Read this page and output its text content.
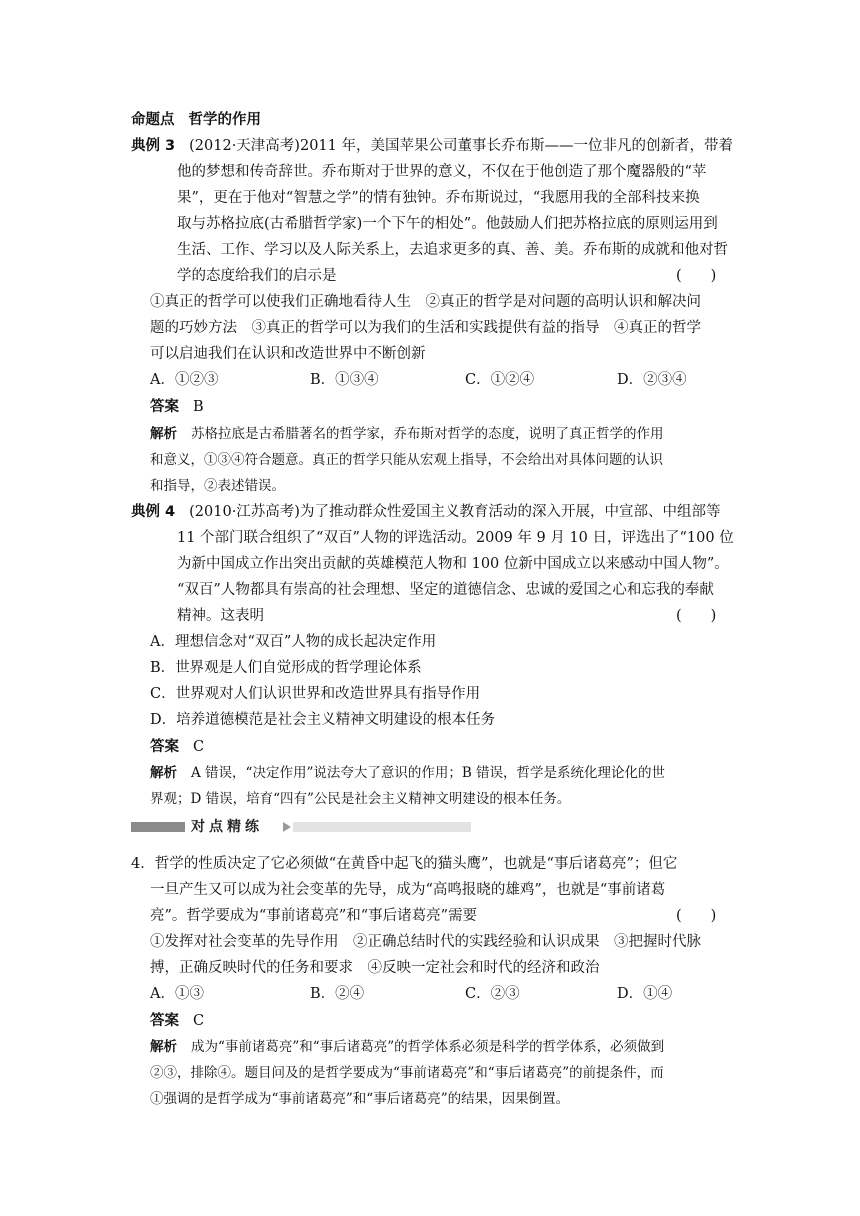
命题点 哲学的作用
典例 3 (2012·天津高考)2011 年，美国苹果公司董事长乔布斯——一位非凡的创新者，带着
他的梦想和传奇辞世。乔布斯对于世界的意义，不仅在于他创造了那个魔器般的“苹
果”，更在于他对“智慧之学”的情有独钟。乔布斯说过，“我愿用我的全部科技来换
取与苏格拉底(古希腊哲学家)一个下午的相处”。他鼓励人们把苏格拉底的原则运用到
生活、工作、学习以及人际关系上，去追求更多的真、善、美。乔布斯的成就和他对哲
学的态度给我们的启示是	(　　)
①真正的哲学可以使我们正确地看待人生　②真正的哲学是对问题的高明认识和解决问
题的巧妙方法　③真正的哲学可以为我们的生活和实践提供有益的指导　④真正的哲学
可以启迪我们在认识和改造世界中不断创新
A．①②③	B．①③④	C．①②④	D．②③④
答案 B
解析 苏格拉底是古希腊著名的哲学家，乔布斯对哲学的态度，说明了真正哲学的作用
和意义，①③④符合题意。真正的哲学只能从宏观上指导，不会给出对具体问题的认识
和指导，②表述错误。
典例 4 (2010·江苏高考)为了推动群众性爱国主义教育活动的深入开展，中宣部、中组部等
11 个部门联合组织了“双百”人物的评选活动。2009 年 9 月 10 日，评选出了“100 位
为新中国成立作出突出贡献的英雄模范人物和 100 位新中国成立以来感动中国人物”。
“双百”人物都具有崇高的社会理想、坚定的道德信念、忠诚的爱国之心和忘我的奉献
精神。这表明	(　　)
A．理想信念对“双百”人物的成长起决定作用
B．世界观是人们自觉形成的哲学理论体系
C．世界观对人们认识世界和改造世界具有指导作用
D．培养道德模范是社会主义精神文明建设的根本任务
答案 C
解析 A 错误，“决定作用”说法夸大了意识的作用；B 错误，哲学是系统化理论化的世
界观；D 错误，培育“四有”公民是社会主义精神文明建设的根本任务。
对点精练
4．哲学的性质决定了它必须做“在黄昏中起飞的猫头鹰”，也就是“事后诸葛亮”；但它
一旦产生又可以成为社会变革的先导，成为“高鸣报晓的雄鸡”，也就是“事前诸葛
亮”。哲学要成为“事前诸葛亮”和“事后诸葛亮”需要	(　　)
①发挥对社会变革的先导作用　②正确总结时代的实践经验和认识成果　③把握时代脉
搏，正确反映时代的任务和要求　④反映一定社会和时代的经济和政治
A．①③	B．②④	C．②③	D．①④
答案 C
解析 成为“事前诸葛亮”和“事后诸葛亮”的哲学体系必须是科学的哲学体系，必须做到
②③，排除④。题目问及的是哲学要成为“事前诸葛亮”和“事后诸葛亮”的前提条件，而
①强调的是哲学成为“事前诸葛亮”和“事后诸葛亮”的结果，因果倒置。
